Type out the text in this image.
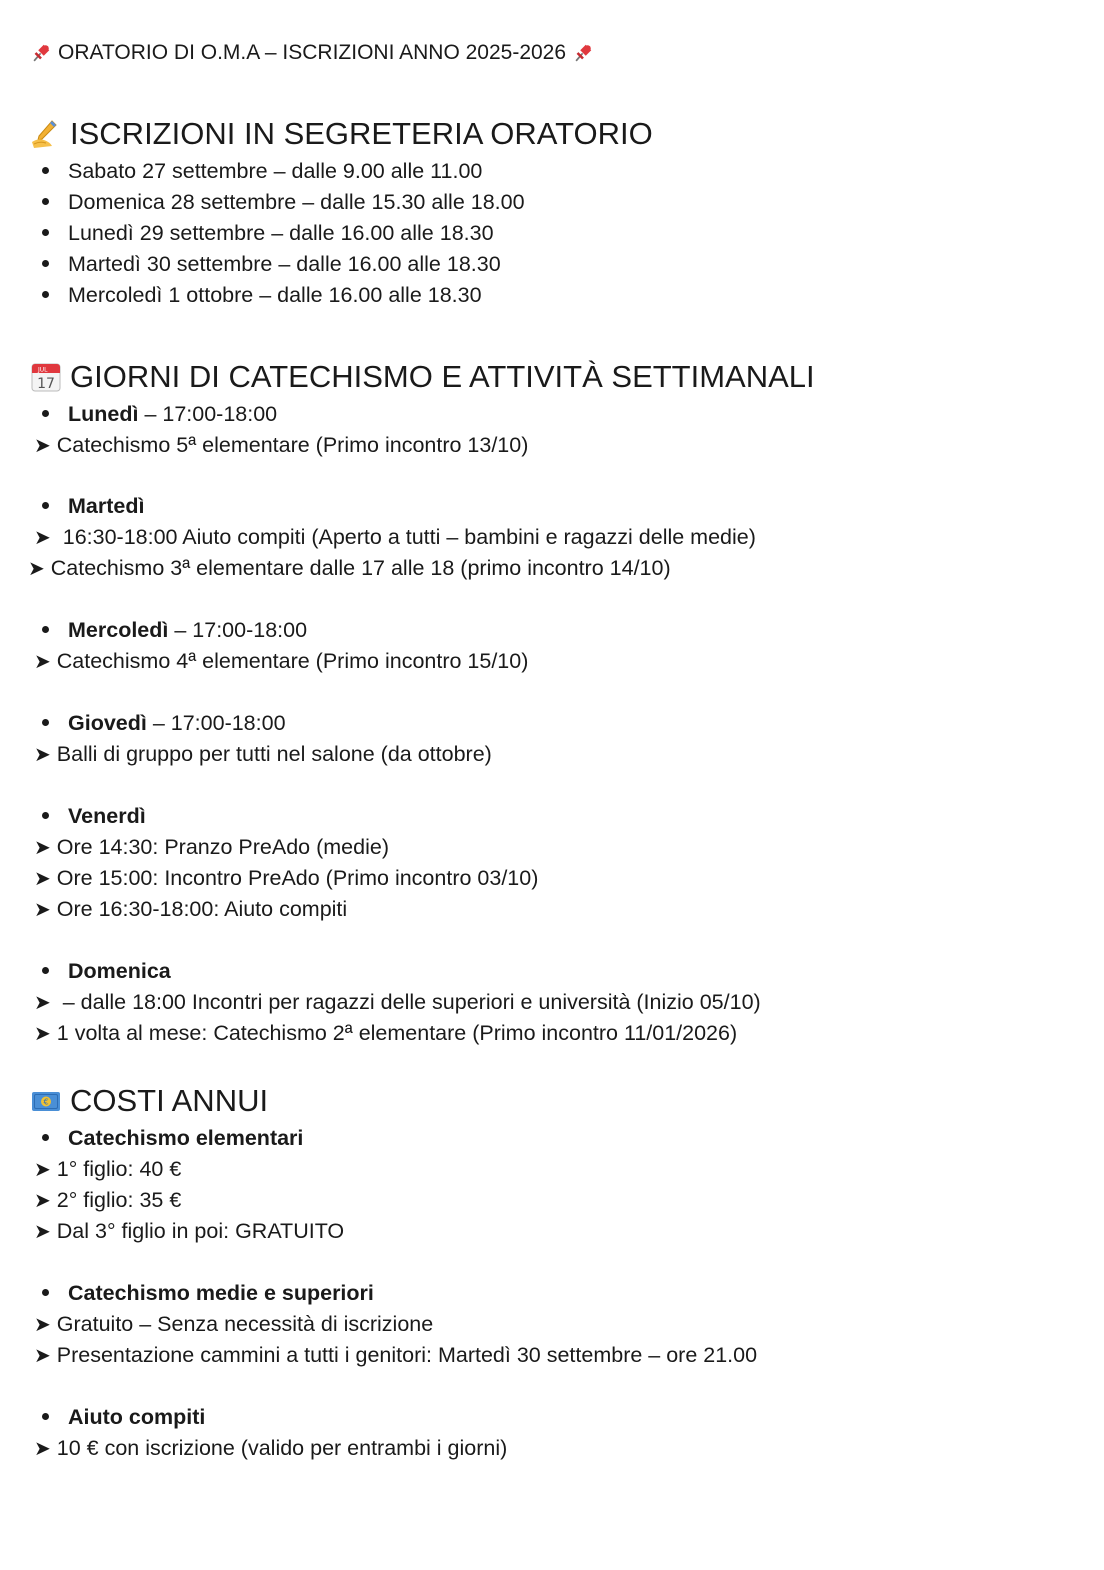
ORATORIO DI O.M.A – ISCRIZIONI ANNO 2025-2026
ISCRIZIONI IN SEGRETERIA ORATORIO
Sabato 27 settembre – dalle 9.00 alle 11.00
Domenica 28 settembre – dalle 15.30 alle 18.00
Lunedì 29 settembre – dalle 16.00 alle 18.30
Martedì 30 settembre – dalle 16.00 alle 18.30
Mercoledì 1 ottobre – dalle 16.00 alle 18.30
JUL
17 GIORNI DI CATECHISMO E ATTIVITÀ SETTIMANALI
Lunedì – 17:00-18:00
➤ Catechismo 5ª elementare (Primo incontro 13/10)
Martedì
➤ 16:30-18:00 Aiuto compiti (Aperto a tutti – bambini e ragazzi delle medie)
➤ Catechismo 3ª elementare dalle 17 alle 18 (primo incontro 14/10)
Mercoledì – 17:00-18:00
➤ Catechismo 4ª elementare (Primo incontro 15/10)
Giovedì – 17:00-18:00
➤ Balli di gruppo per tutti nel salone (da ottobre)
Venerdì
➤ Ore 14:30: Pranzo PreAdo (medie)
➤ Ore 15:00: Incontro PreAdo (Primo incontro 03/10)
➤ Ore 16:30-18:00: Aiuto compiti
Domenica
➤ – dalle 18:00 Incontri per ragazzi delle superiori e università (Inizio 05/10)
➤ 1 volta al mese: Catechismo 2ª elementare (Primo incontro 11/01/2026)
€ COSTI ANNUI
Catechismo elementari
➤ 1° figlio: 40 €
➤ 2° figlio: 35 €
➤ Dal 3° figlio in poi: GRATUITO
Catechismo medie e superiori
➤ Gratuito – Senza necessità di iscrizione
➤ Presentazione cammini a tutti i genitori: Martedì 30 settembre – ore 21.00
Aiuto compiti
➤ 10 € con iscrizione (valido per entrambi i giorni)
